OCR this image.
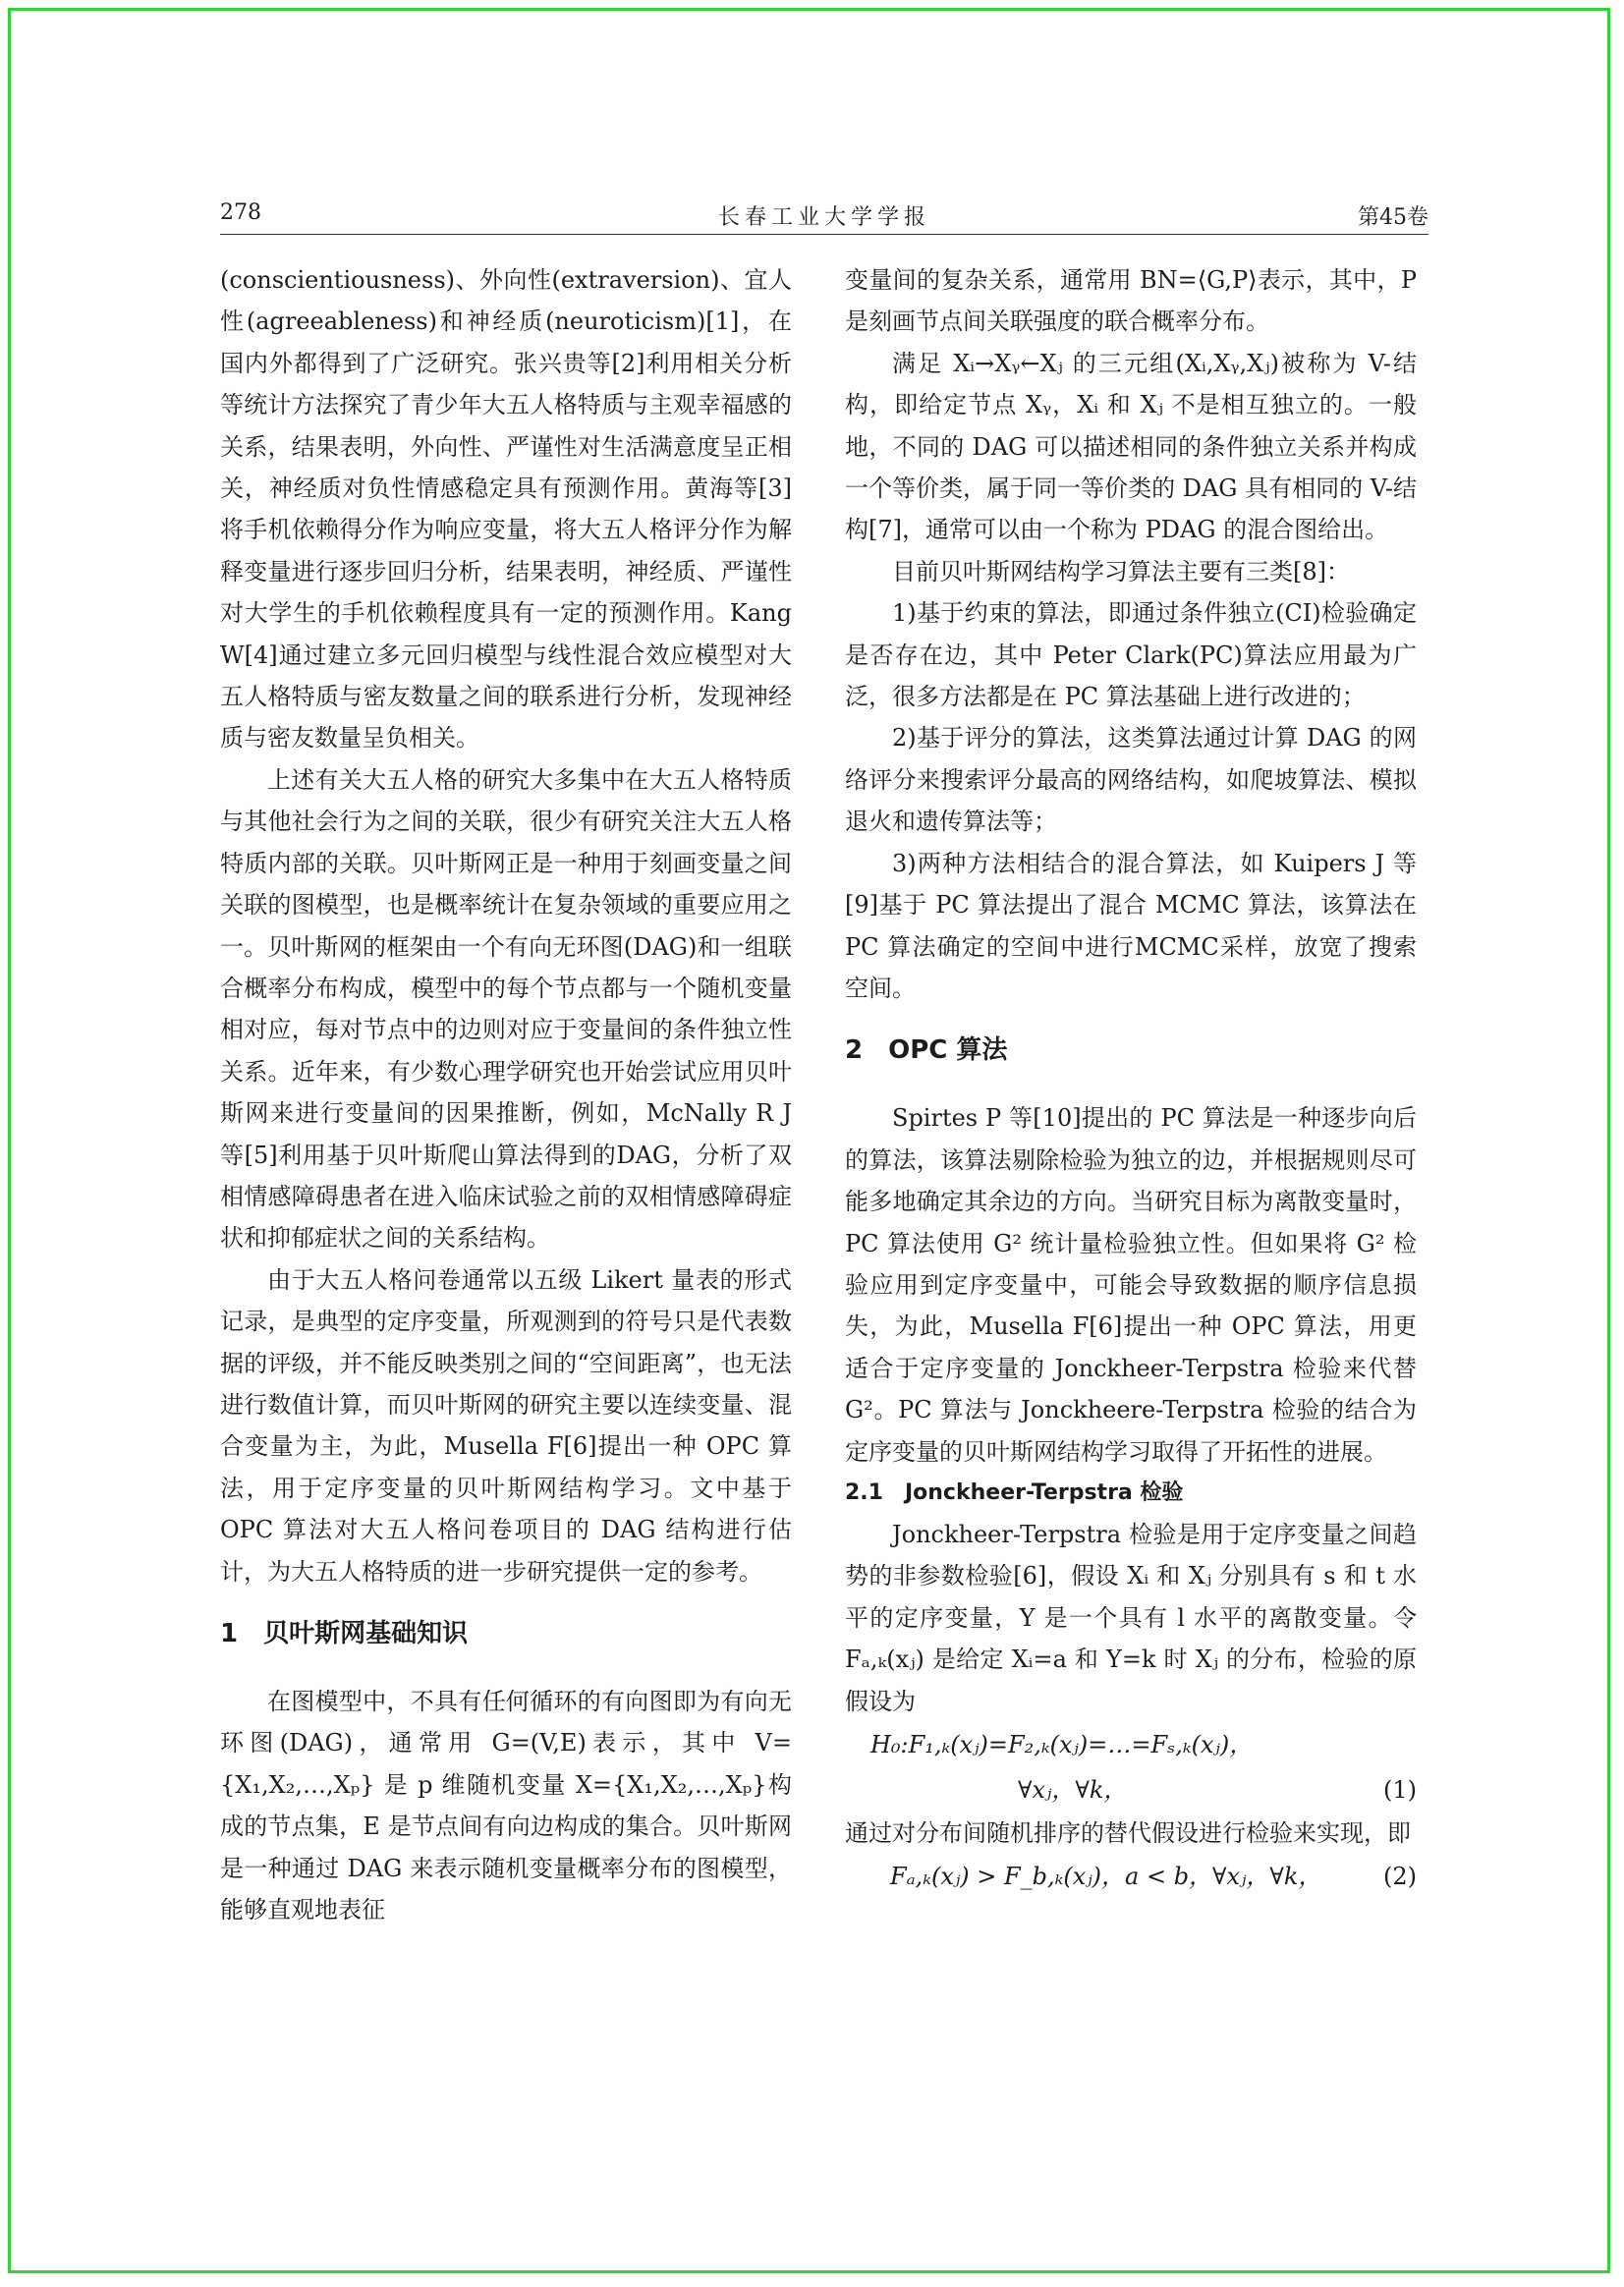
278	长春工业大学学报	第45卷

(conscientiousness)、外向性(extraversion)、宜人性(agreeableness)和神经质(neuroticism)[1]，在国内外都得到了广泛研究。张兴贵等[2]利用相关分析等统计方法探究了青少年大五人格特质与主观幸福感的关系，结果表明，外向性、严谨性对生活满意度呈正相关，神经质对负性情感稳定具有预测作用。黄海等[3]将手机依赖得分作为响应变量，将大五人格评分作为解释变量进行逐步回归分析，结果表明，神经质、严谨性对大学生的手机依赖程度具有一定的预测作用。Kang W[4]通过建立多元回归模型与线性混合效应模型对大五人格特质与密友数量之间的联系进行分析，发现神经质与密友数量呈负相关。

上述有关大五人格的研究大多集中在大五人格特质与其他社会行为之间的关联，很少有研究关注大五人格特质内部的关联。贝叶斯网正是一种用于刻画变量之间关联的图模型，也是概率统计在复杂领域的重要应用之一。贝叶斯网的框架由一个有向无环图(DAG)和一组联合概率分布构成，模型中的每个节点都与一个随机变量相对应，每对节点中的边则对应于变量间的条件独立性关系。近年来，有少数心理学研究也开始尝试应用贝叶斯网来进行变量间的因果推断，例如，McNally R J 等[5]利用基于贝叶斯爬山算法得到的DAG，分析了双相情感障碍患者在进入临床试验之前的双相情感障碍症状和抑郁症状之间的关系结构。

由于大五人格问卷通常以五级 Likert 量表的形式记录，是典型的定序变量，所观测到的符号只是代表数据的评级，并不能反映类别之间的“空间距离”，也无法进行数值计算，而贝叶斯网的研究主要以连续变量、混合变量为主，为此，Musella F[6]提出一种 OPC 算法，用于定序变量的贝叶斯网结构学习。文中基于 OPC 算法对大五人格问卷项目的 DAG 结构进行估计，为大五人格特质的进一步研究提供一定的参考。

1　贝叶斯网基础知识

在图模型中，不具有任何循环的有向图即为有向无环图(DAG)，通常用 G=(V,E)表示，其中 V={X₁,X₂,…,Xₚ} 是 p 维随机变量 X={X₁,X₂,…,Xₚ}构成的节点集，E 是节点间有向边构成的集合。贝叶斯网是一种通过 DAG 来表示随机变量概率分布的图模型，能够直观地表征

变量间的复杂关系，通常用 BN=⟨G,P⟩表示，其中，P 是刻画节点间关联强度的联合概率分布。

满足 Xᵢ→Xᵧ←Xⱼ 的三元组(Xᵢ,Xᵧ,Xⱼ)被称为 V-结构，即给定节点 Xᵧ，Xᵢ 和 Xⱼ 不是相互独立的。一般地，不同的 DAG 可以描述相同的条件独立关系并构成一个等价类，属于同一等价类的 DAG 具有相同的 V-结构[7]，通常可以由一个称为 PDAG 的混合图给出。

目前贝叶斯网结构学习算法主要有三类[8]：

1)基于约束的算法，即通过条件独立(CI)检验确定是否存在边，其中 Peter Clark(PC)算法应用最为广泛，很多方法都是在 PC 算法基础上进行改进的；

2)基于评分的算法，这类算法通过计算 DAG 的网络评分来搜索评分最高的网络结构，如爬坡算法、模拟退火和遗传算法等；

3)两种方法相结合的混合算法，如 Kuipers J 等[9]基于 PC 算法提出了混合 MCMC 算法，该算法在 PC 算法确定的空间中进行MCMC采样，放宽了搜索空间。

2　OPC 算法

Spirtes P 等[10]提出的 PC 算法是一种逐步向后的算法，该算法剔除检验为独立的边，并根据规则尽可能多地确定其余边的方向。当研究目标为离散变量时，PC 算法使用 G² 统计量检验独立性。但如果将 G² 检验应用到定序变量中，可能会导致数据的顺序信息损失，为此，Musella F[6]提出一种 OPC 算法，用更适合于定序变量的 Jonckheer-Terpstra 检验来代替 G²。PC 算法与 Jonckheere-Terpstra 检验的结合为定序变量的贝叶斯网结构学习取得了开拓性的进展。

2.1　Jonckheer-Terpstra 检验

Jonckheer-Terpstra 检验是用于定序变量之间趋势的非参数检验[6]，假设 Xᵢ 和 Xⱼ 分别具有 s 和 t 水平的定序变量，Y 是一个具有 l 水平的离散变量。令 Fₐ,ₖ(xⱼ) 是给定 Xᵢ=a 和 Y=k 时 Xⱼ 的分布，检验的原假设为

H₀:F₁,ₖ(xⱼ)=F₂,ₖ(xⱼ)=…=Fₛ,ₖ(xⱼ)，
∀xⱼ，∀k，	(1)

通过对分布间随机排序的替代假设进行检验来实现，即

Fₐ,ₖ(xⱼ) > F_b,ₖ(xⱼ)，a < b，∀xⱼ，∀k，	(2)
